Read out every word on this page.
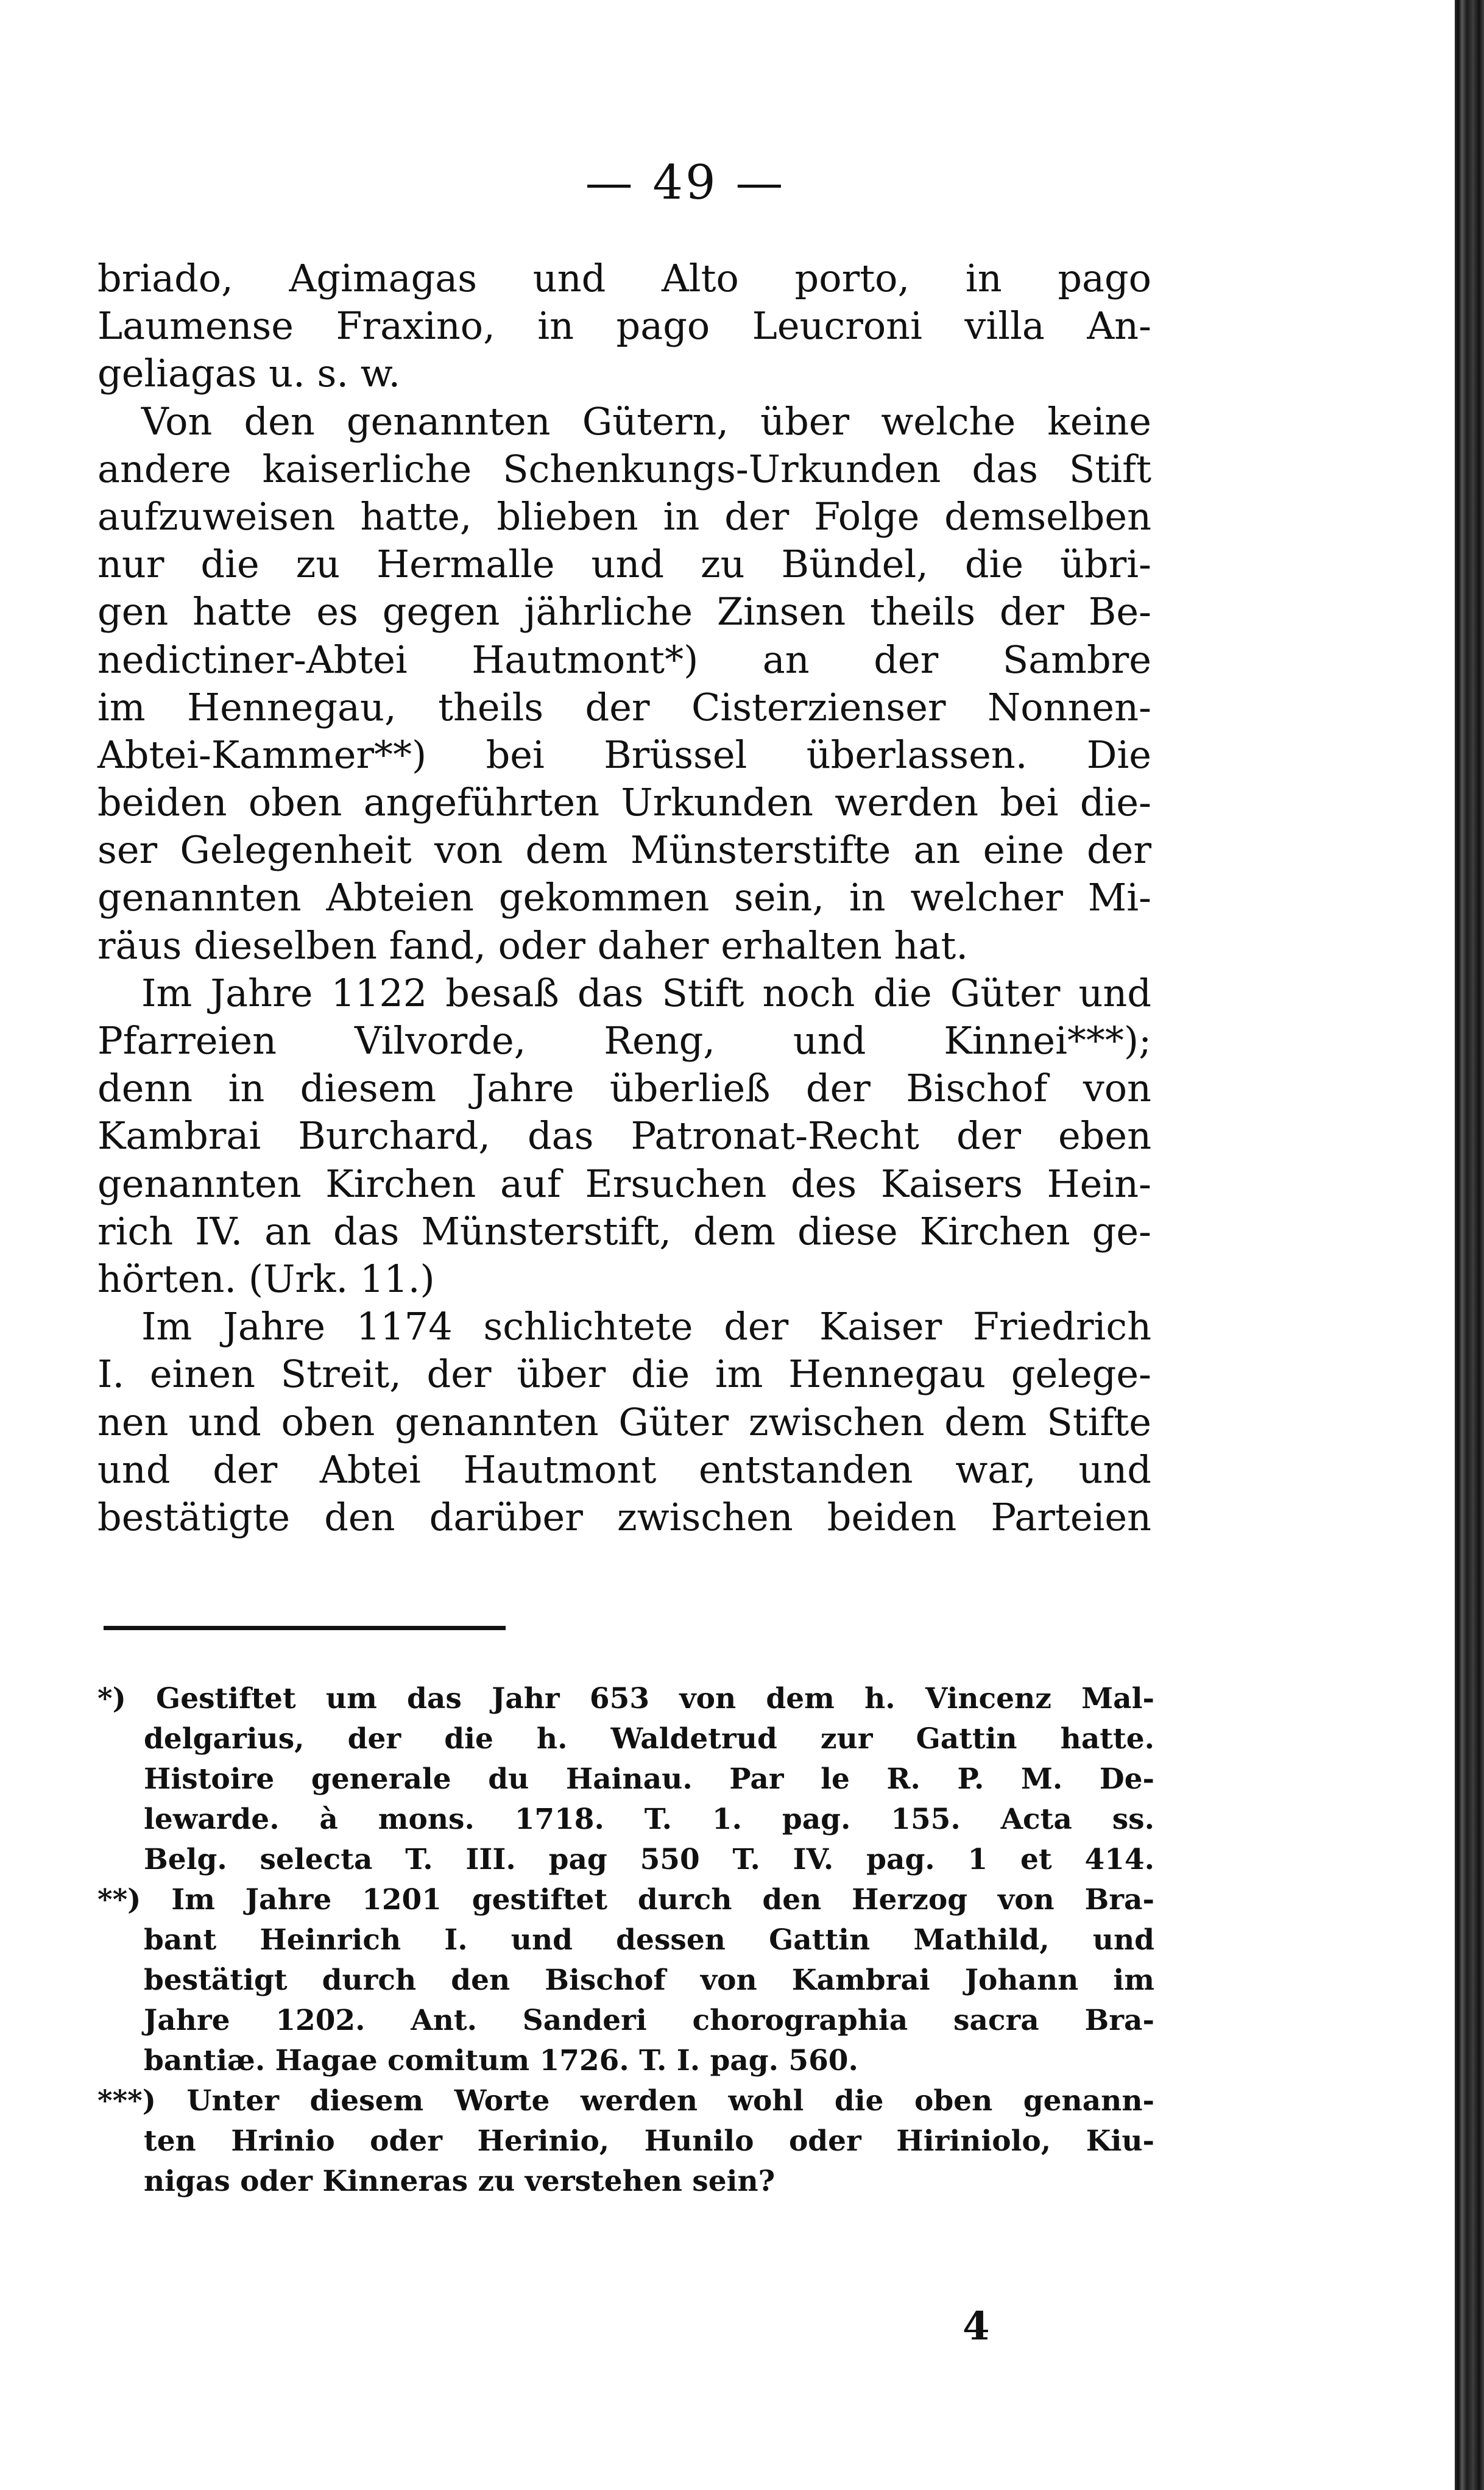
— 49 —
briado, Agimagas und Alto porto, in pago
Laumense Fraxino, in pago Leucroni villa An-
geliagas u. s. w.
Von den genannten Gütern, über welche keine
andere kaiserliche Schenkungs-Urkunden das Stift
aufzuweisen hatte, blieben in der Folge demselben
nur die zu Hermalle und zu Bündel, die übri-
gen hatte es gegen jährliche Zinsen theils der Be-
nedictiner-Abtei Hautmont*) an der Sambre
im Hennegau, theils der Cisterzienser Nonnen-
Abtei-Kammer**) bei Brüssel überlassen. Die
beiden oben angeführten Urkunden werden bei die-
ser Gelegenheit von dem Münsterstifte an eine der
genannten Abteien gekommen sein, in welcher Mi-
räus dieselben fand, oder daher erhalten hat.
Im Jahre 1122 besaß das Stift noch die Güter und
Pfarreien Vilvorde, Reng, und Kinnei***);
denn in diesem Jahre überließ der Bischof von
Kambrai Burchard, das Patronat-Recht der eben
genannten Kirchen auf Ersuchen des Kaisers Hein-
rich IV. an das Münsterstift, dem diese Kirchen ge-
hörten. (Urk. 11.)
Im Jahre 1174 schlichtete der Kaiser Friedrich
I. einen Streit, der über die im Hennegau gelege-
nen und oben genannten Güter zwischen dem Stifte
und der Abtei Hautmont entstanden war, und
bestätigte den darüber zwischen beiden Parteien
*) Gestiftet um das Jahr 653 von dem h. Vincenz Mal-
delgarius, der die h. Waldetrud zur Gattin hatte.
Histoire generale du Hainau. Par le R. P. M. De-
lewarde. à mons. 1718. T. 1. pag. 155. Acta ss.
Belg. selecta T. III. pag 550 T. IV. pag. 1 et 414.
**) Im Jahre 1201 gestiftet durch den Herzog von Bra-
bant Heinrich I. und dessen Gattin Mathild, und
bestätigt durch den Bischof von Kambrai Johann im
Jahre 1202. Ant. Sanderi chorographia sacra Bra-
bantiæ. Hagae comitum 1726. T. I. pag. 560.
***) Unter diesem Worte werden wohl die oben genann-
ten Hrinio oder Herinio, Hunilo oder Hiriniolo, Kiu-
nigas oder Kinneras zu verstehen sein?
4
